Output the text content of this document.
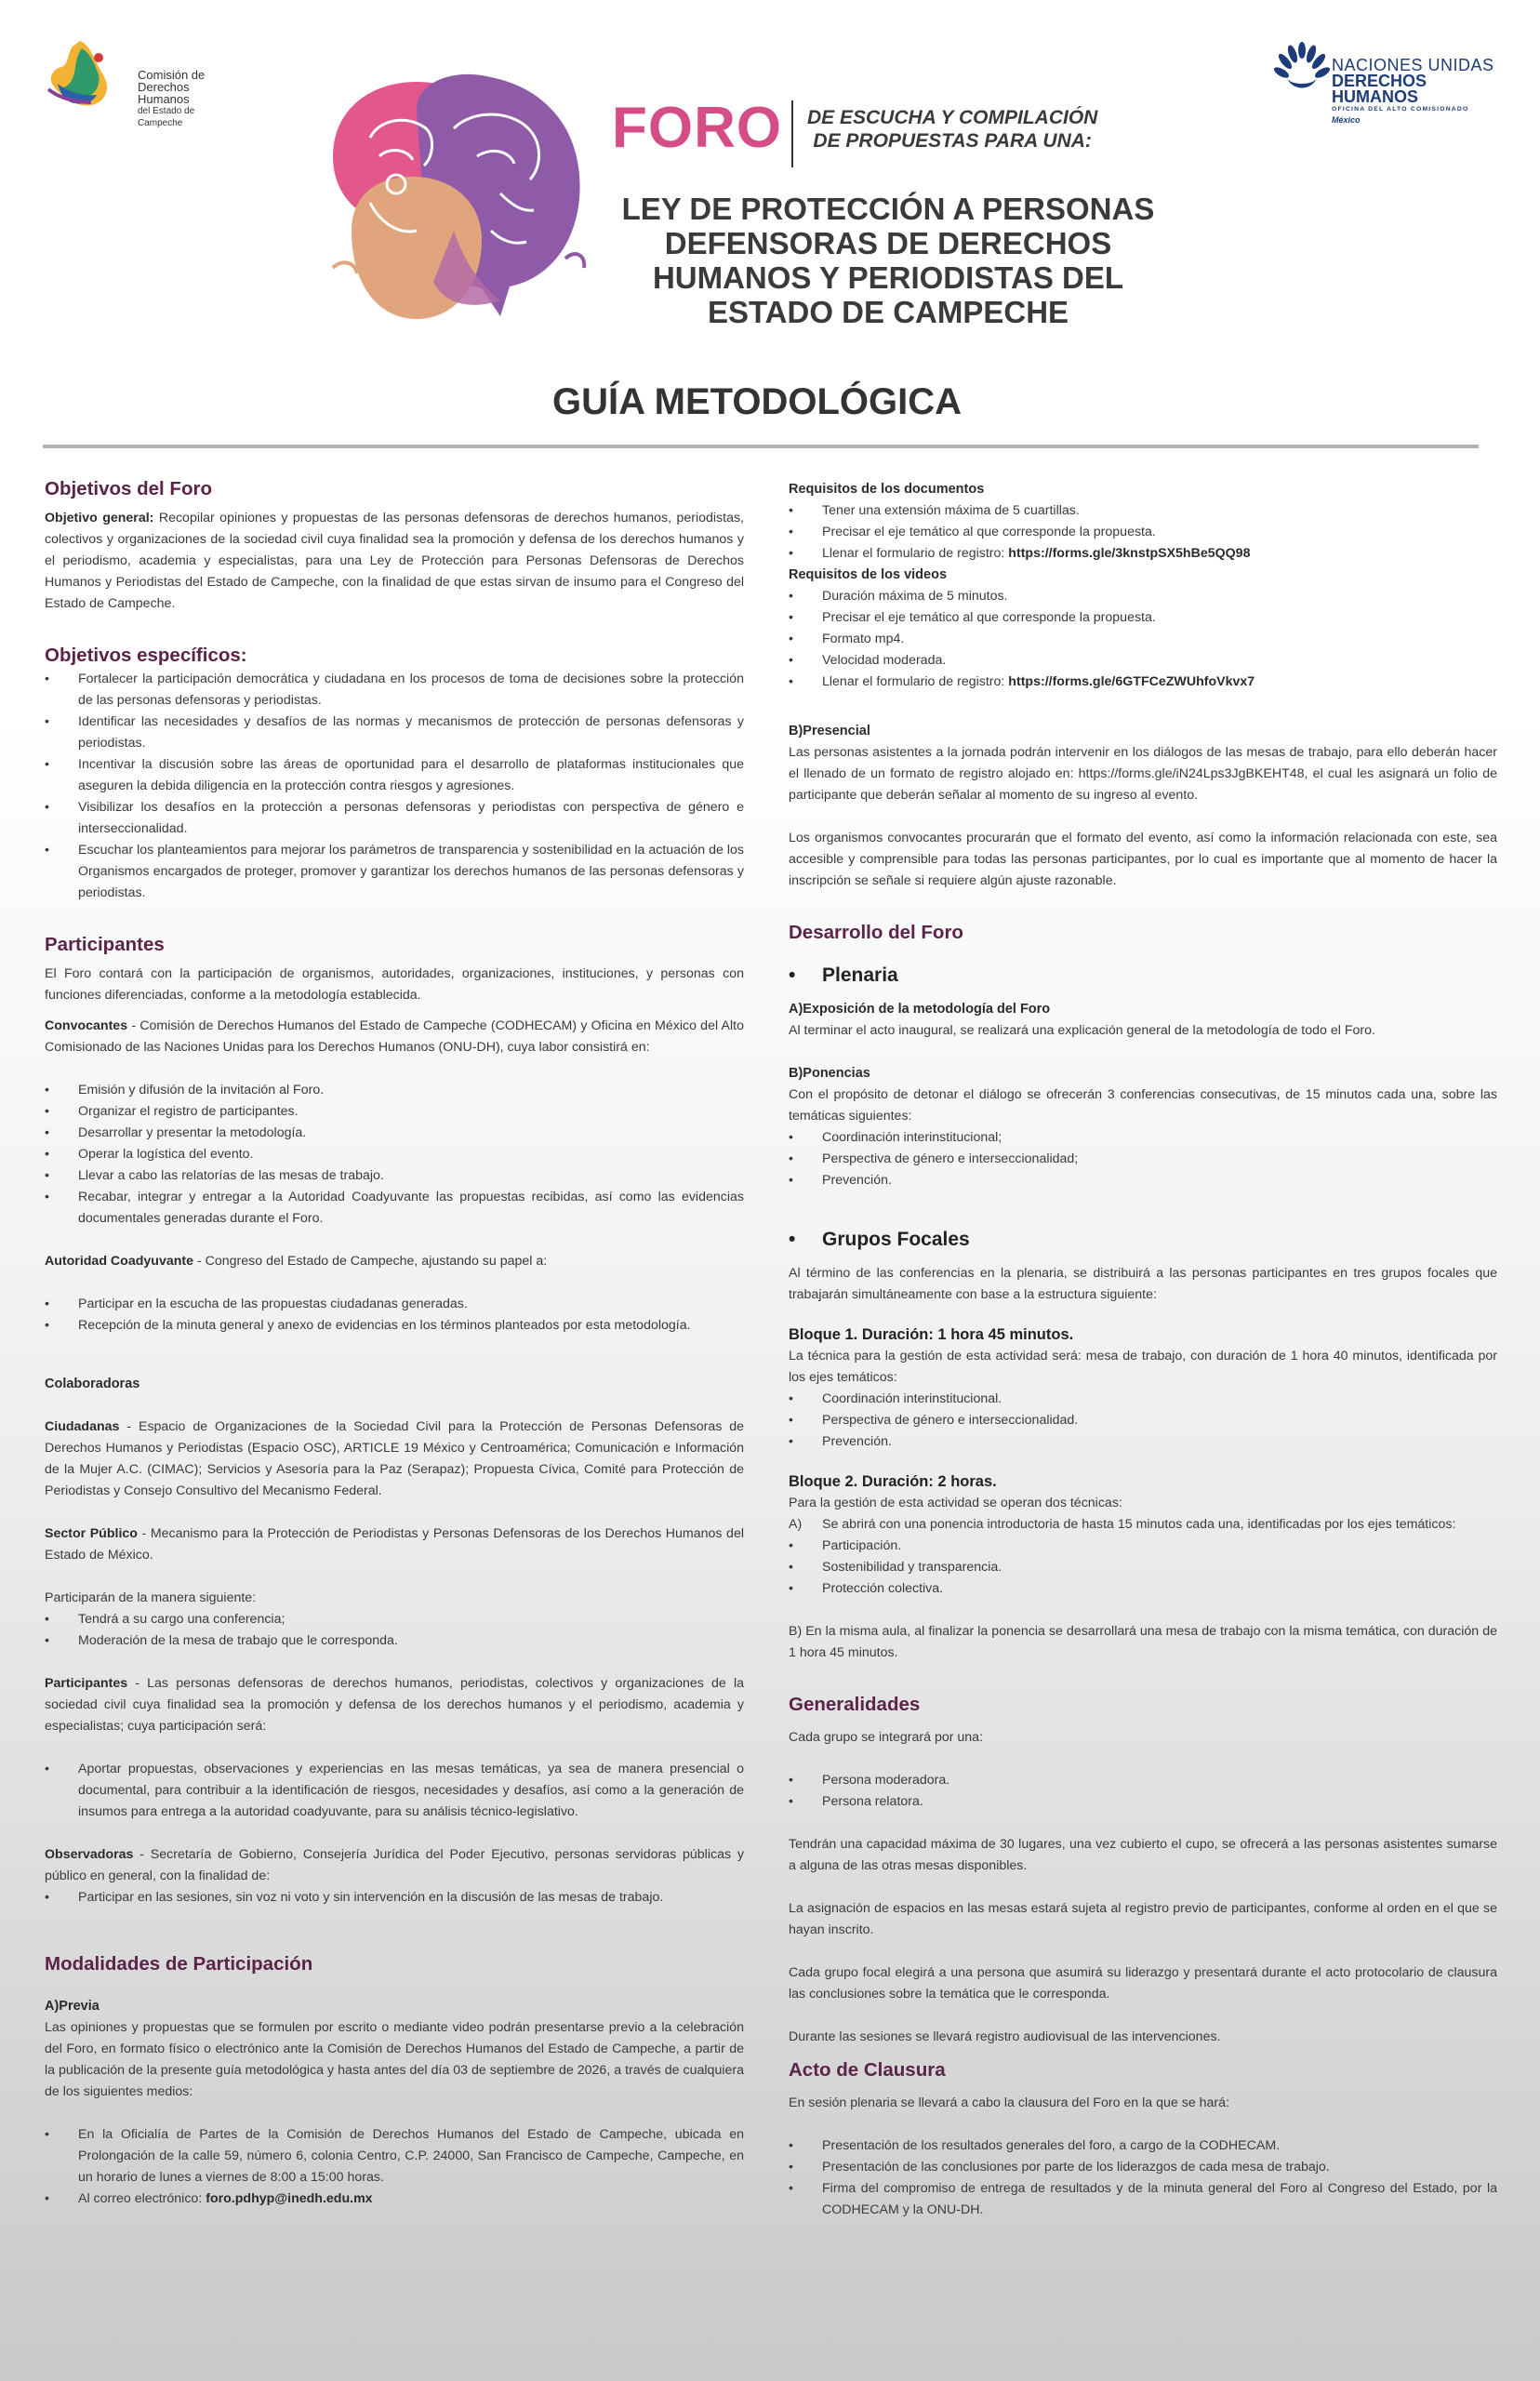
Comisión de
Derechos Humanos
del Estado de Campeche
NACIONES UNIDAS
DERECHOS HUMANOS
OFICINA DEL ALTO COMISIONADO
México
FORO DE ESCUCHA Y COMPILACIÓN
DE PROPUESTAS PARA UNA:
LEY DE PROTECCIÓN A PERSONAS
DEFENSORAS DE DERECHOS
HUMANOS Y PERIODISTAS DEL
ESTADO DE CAMPECHE
GUÍA METODOLÓGICA
Objetivos del Foro

Objetivo general: Recopilar opiniones y propuestas de las personas defensoras de derechos humanos, periodistas, colectivos y organizaciones de la sociedad civil cuya finalidad sea la promoción y defensa de los derechos humanos y el periodismo, academia y especialistas, para una Ley de Protección para Personas Defensoras de Derechos Humanos y Periodistas del Estado de Campeche, con la finalidad de que estas sirvan de insumo para el Congreso del Estado de Campeche.

Objetivos específicos:
• Fortalecer la participación democrática y ciudadana en los procesos de toma de decisiones sobre la protección de las personas defensoras y periodistas.
• Identificar las necesidades y desafíos de las normas y mecanismos de protección de personas defensoras y periodistas.
• Incentivar la discusión sobre las áreas de oportunidad para el desarrollo de plataformas institucionales que aseguren la debida diligencia en la protección contra riesgos y agresiones.
• Visibilizar los desafíos en la protección a personas defensoras y periodistas con perspectiva de género e interseccionalidad.
• Escuchar los planteamientos para mejorar los parámetros de transparencia y sostenibilidad en la actuación de los Organismos encargados de proteger, promover y garantizar los derechos humanos de las personas defensoras y periodistas.
Participantes

El Foro contará con la participación de organismos, autoridades, organizaciones, instituciones, y personas con funciones diferenciadas, conforme a la metodología establecida.

Convocantes - Comisión de Derechos Humanos del Estado de Campeche (CODHECAM) y Oficina en México del Alto Comisionado de las Naciones Unidas para los Derechos Humanos (ONU-DH), cuya labor consistirá en:

• Emisión y difusión de la invitación al Foro.
• Organizar el registro de participantes.
• Desarrollar y presentar la metodología.
• Operar la logística del evento.
• Llevar a cabo las relatorías de las mesas de trabajo.
• Recabar, integrar y entregar a la Autoridad Coadyuvante las propuestas recibidas, así como las evidencias documentales generadas durante el Foro.

Autoridad Coadyuvante - Congreso del Estado de Campeche, ajustando su papel a:

• Participar en la escucha de las propuestas ciudadanas generadas.
• Recepción de la minuta general y anexo de evidencias en los términos planteados por esta metodología.
Colaboradoras

Ciudadanas - Espacio de Organizaciones de la Sociedad Civil para la Protección de Personas Defensoras de Derechos Humanos y Periodistas (Espacio OSC), ARTICLE 19 México y Centroamérica; Comunicación e Información de la Mujer A.C. (CIMAC); Servicios y Asesoría para la Paz (Serapaz); Propuesta Cívica, Comité para Protección de Periodistas y Consejo Consultivo del Mecanismo Federal.

Sector Público - Mecanismo para la Protección de Periodistas y Personas Defensoras de los Derechos Humanos del Estado de México.

Participarán de la manera siguiente:

• Tendrá a su cargo una conferencia;
• Moderación de la mesa de trabajo que le corresponda.

Participantes - Las personas defensoras de derechos humanos, periodistas, colectivos y organizaciones de la sociedad civil cuya finalidad sea la promoción y defensa de los derechos humanos y el periodismo, academia y especialistas; cuya participación será:

• Aportar propuestas, observaciones y experiencias en las mesas temáticas, ya sea de manera presencial o documental, para contribuir a la identificación de riesgos, necesidades y desafíos, así como a la generación de insumos para entrega a la autoridad coadyuvante, para su análisis técnico-legislativo.

Observadoras - Secretaría de Gobierno, Consejería Jurídica del Poder Ejecutivo, personas servidoras públicas y público en general, con la finalidad de:

• Participar en las sesiones, sin voz ni voto y sin intervención en la discusión de las mesas de trabajo.
Modalidades de Participación
A)Previa

Las opiniones y propuestas que se formulen por escrito o mediante video podrán presentarse previo a la celebración del Foro, en formato físico o electrónico ante la Comisión de Derechos Humanos del Estado de Campeche, a partir de la publicación de la presente guía metodológica y hasta antes del día 03 de septiembre de 2026, a través de cualquiera de los siguientes medios:

• En la Oficialía de Partes de la Comisión de Derechos Humanos del Estado de Campeche, ubicada en Prolongación de la calle 59, número 6, colonia Centro, C.P. 24000, San Francisco de Campeche, Campeche, en un horario de lunes a viernes de 8:00 a 15:00 horas.
• Al correo electrónico: foro.pdhyp@inedh.edu.mx
Requisitos de los documentos
• Tener una extensión máxima de 5 cuartillas.
• Precisar el eje temático al que corresponde la propuesta.
• Llenar el formulario de registro: https://forms.gle/3knstpSX5hBe5QQ98
Requisitos de los videos
• Duración máxima de 5 minutos.
• Precisar el eje temático al que corresponde la propuesta.
• Formato mp4.
• Velocidad moderada.
• Llenar el formulario de registro: https://forms.gle/6GTFCeZWUhfoVkvx7
B)Presencial

Las personas asistentes a la jornada podrán intervenir en los diálogos de las mesas de trabajo, para ello deberán hacer el llenado de un formato de registro alojado en: https://forms.gle/iN24Lps3JgBKEHT48, el cual les asignará un folio de participante que deberán señalar al momento de su ingreso al evento.

Los organismos convocantes procurarán que el formato del evento, así como la información relacionada con este, sea accesible y comprensible para todas las personas participantes, por lo cual es importante que al momento de hacer la inscripción se señale si requiere algún ajuste razonable.

Desarrollo del Foro
• Plenaria
A)Exposición de la metodología del Foro

Al terminar el acto inaugural, se realizará una explicación general de la metodología de todo el Foro.

B)Ponencias

Con el propósito de detonar el diálogo se ofrecerán 3 conferencias consecutivas, de 15 minutos cada una, sobre las temáticas siguientes:

• Coordinación interinstitucional;
• Perspectiva de género e interseccionalidad;
• Prevención.
• Grupos Focales

Al término de las conferencias en la plenaria, se distribuirá a las personas participantes en tres grupos focales que trabajarán simultáneamente con base a la estructura siguiente:

Bloque 1. Duración: 1 hora 45 minutos.

La técnica para la gestión de esta actividad será: mesa de trabajo, con duración de 1 hora 40 minutos, identificada por los ejes temáticos:

• Coordinación interinstitucional.
• Perspectiva de género e interseccionalidad.
• Prevención.
Bloque 2. Duración: 2 horas.

Para la gestión de esta actividad se operan dos técnicas:

A) Se abrirá con una ponencia introductoria de hasta 15 minutos cada una, identificadas por los ejes temáticos:
• Participación.
• Sostenibilidad y transparencia.
• Protección colectiva.

B) En la misma aula, al finalizar la ponencia se desarrollará una mesa de trabajo con la misma temática, con duración de 1 hora 45 minutos.

Generalidades

Cada grupo se integrará por una:

• Persona moderadora.
• Persona relatora.

Tendrán una capacidad máxima de 30 lugares, una vez cubierto el cupo, se ofrecerá a las personas asistentes sumarse a alguna de las otras mesas disponibles.

La asignación de espacios en las mesas estará sujeta al registro previo de participantes, conforme al orden en el que se hayan inscrito.

Cada grupo focal elegirá a una persona que asumirá su liderazgo y presentará durante el acto protocolario de clausura las conclusiones sobre la temática que le corresponda.

Durante las sesiones se llevará registro audiovisual de las intervenciones.

Acto de Clausura

En sesión plenaria se llevará a cabo la clausura del Foro en la que se hará:

• Presentación de los resultados generales del foro, a cargo de la CODHECAM.
• Presentación de las conclusiones por parte de los liderazgos de cada mesa de trabajo.
• Firma del compromiso de entrega de resultados y de la minuta general del Foro al Congreso del Estado, por la CODHECAM y la ONU-DH.
